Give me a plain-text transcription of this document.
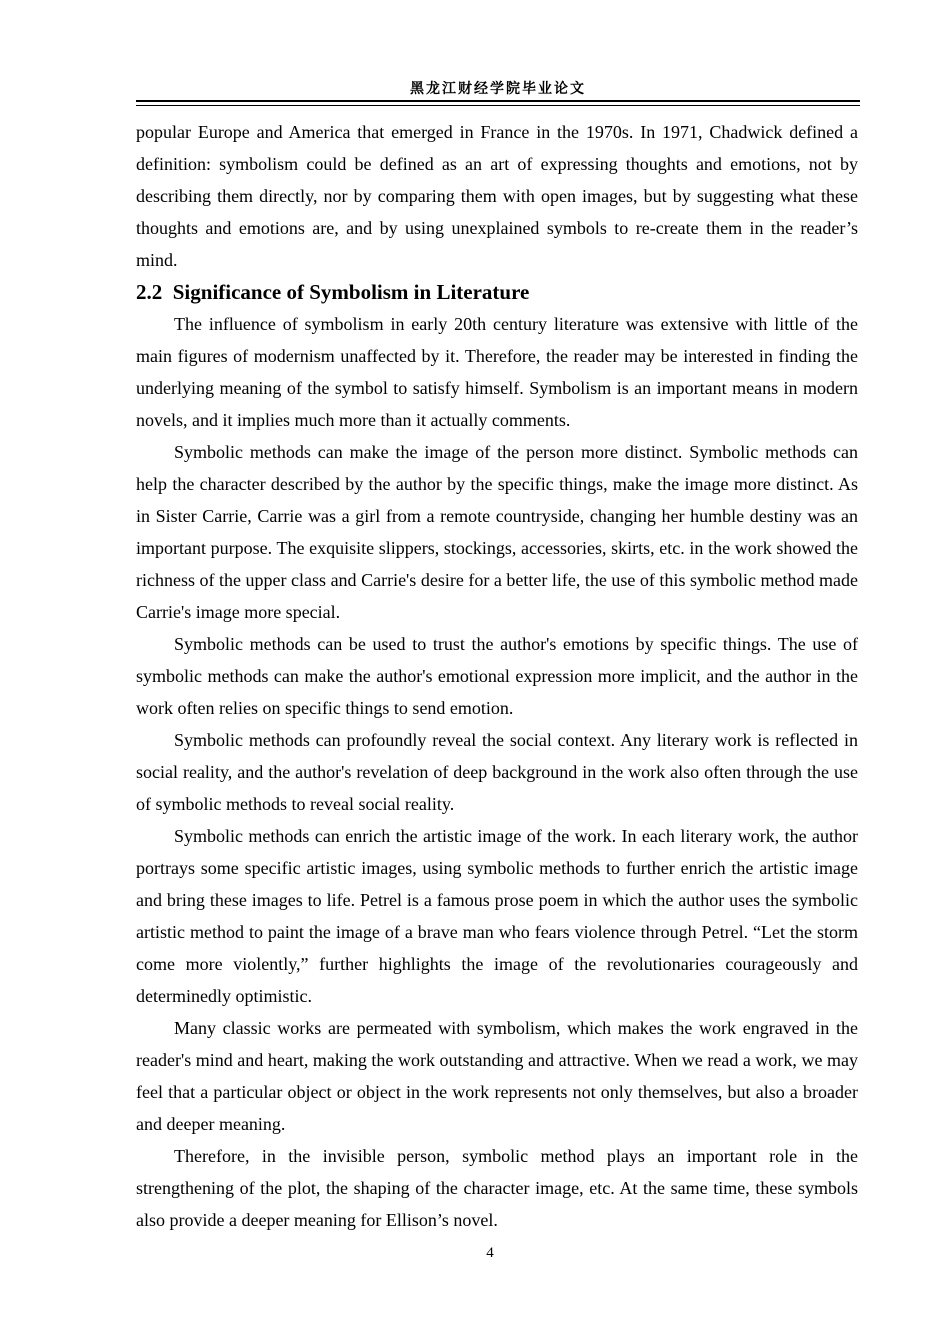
黑龙江财经学院毕业论文

popular Europe and America that emerged in France in the 1970s. In 1971, Chadwick defined a definition: symbolism could be defined as an art of expressing thoughts and emotions, not by describing them directly, nor by comparing them with open images, but by suggesting what these thoughts and emotions are, and by using unexplained symbols to re-create them in the reader’s mind.

2.2  Significance of Symbolism in Literature

The influence of symbolism in early 20th century literature was extensive with little of the main figures of modernism unaffected by it. Therefore, the reader may be interested in finding the underlying meaning of the symbol to satisfy himself. Symbolism is an important means in modern novels, and it implies much more than it actually comments.

Symbolic methods can make the image of the person more distinct. Symbolic methods can help the character described by the author by the specific things, make the image more distinct. As in Sister Carrie, Carrie was a girl from a remote countryside, changing her humble destiny was an important purpose. The exquisite slippers, stockings, accessories, skirts, etc. in the work showed the richness of the upper class and Carrie's desire for a better life, the use of this symbolic method made Carrie's image more special.

Symbolic methods can be used to trust the author's emotions by specific things. The use of symbolic methods can make the author's emotional expression more implicit, and the author in the work often relies on specific things to send emotion.

Symbolic methods can profoundly reveal the social context. Any literary work is reflected in social reality, and the author's revelation of deep background in the work also often through the use of symbolic methods to reveal social reality.

Symbolic methods can enrich the artistic image of the work. In each literary work, the author portrays some specific artistic images, using symbolic methods to further enrich the artistic image and bring these images to life. Petrel is a famous prose poem in which the author uses the symbolic artistic method to paint the image of a brave man who fears violence through Petrel. “Let the storm come more violently,” further highlights the image of the revolutionaries courageously and determinedly optimistic.

Many classic works are permeated with symbolism, which makes the work engraved in the reader's mind and heart, making the work outstanding and attractive. When we read a work, we may feel that a particular object or object in the work represents not only themselves, but also a broader and deeper meaning.

Therefore, in the invisible person, symbolic method plays an important role in the strengthening of the plot, the shaping of the character image, etc. At the same time, these symbols also provide a deeper meaning for Ellison’s novel.

4
